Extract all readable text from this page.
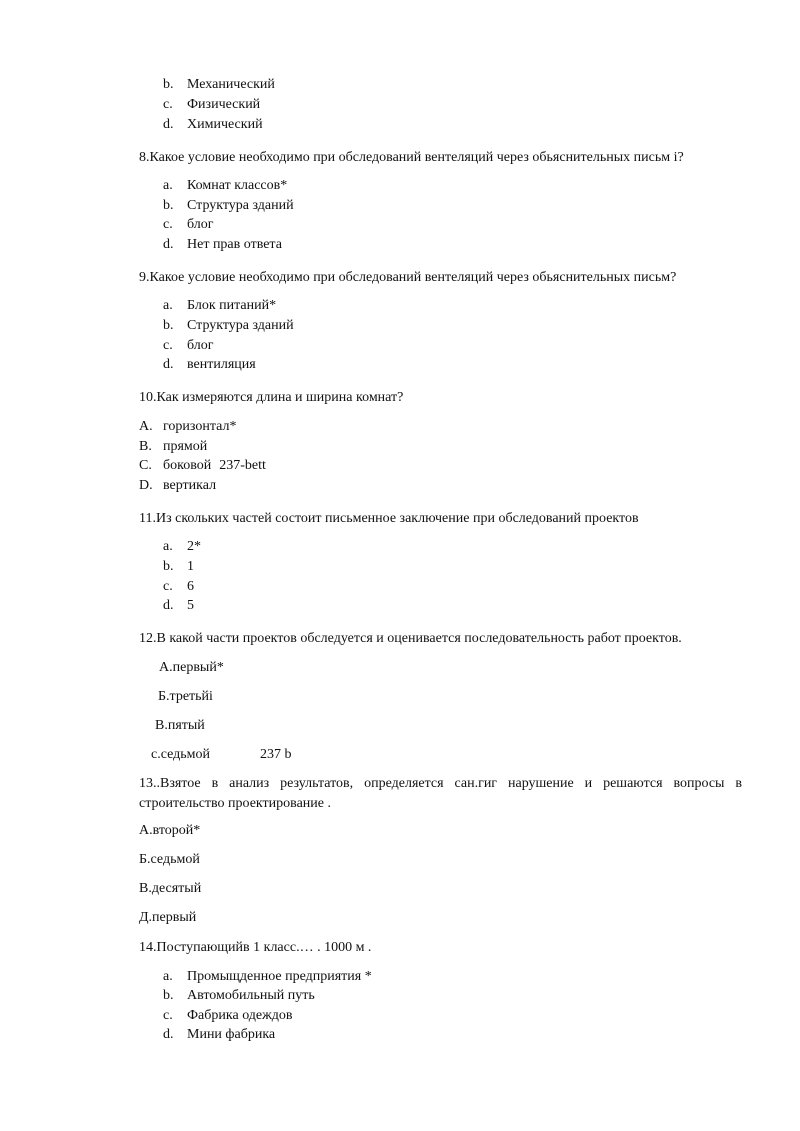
b. Механический
c. Физический
d. Химический
8.Какое условие необходимо при обследований вентеляций через обьяснительных письм і?
a. Комнат классов*
b. Структура зданий
c. блог
d. Нет прав ответа
9.Какое условие необходимо при обследований вентеляций через обьяснительных письм?
a. Блок питаний*
b. Структура зданий
c. блог
d. вентиляция
10.Как измеряются длина и ширина комнат?
A. горизонтал*
B. прямой
C. боковой 237-bett
D. вертикал
11.Из скольких частей состоит письменное заключение при обследований проектов
a. 2*
b. 1
c. 6
d. 5
12.В какой части проектов обследуется и оценивается последовательность работ проектов.
А.первый*
Б.третьйі
В.пятый
с.седьмой	237 b
13..Взятое в анализ результатов, определяется сан.гиг нарушение и решаются вопросы в
строительство проектирование .
А.второй*
Б.седьмой
В.десятый
Д.первый
14.Поступающийв 1 класс.… . 1000 м .
a. Промыщденное предприятия *
b. Автомобильный путь
c. Фабрика одеждов
d. Мини фабрика
